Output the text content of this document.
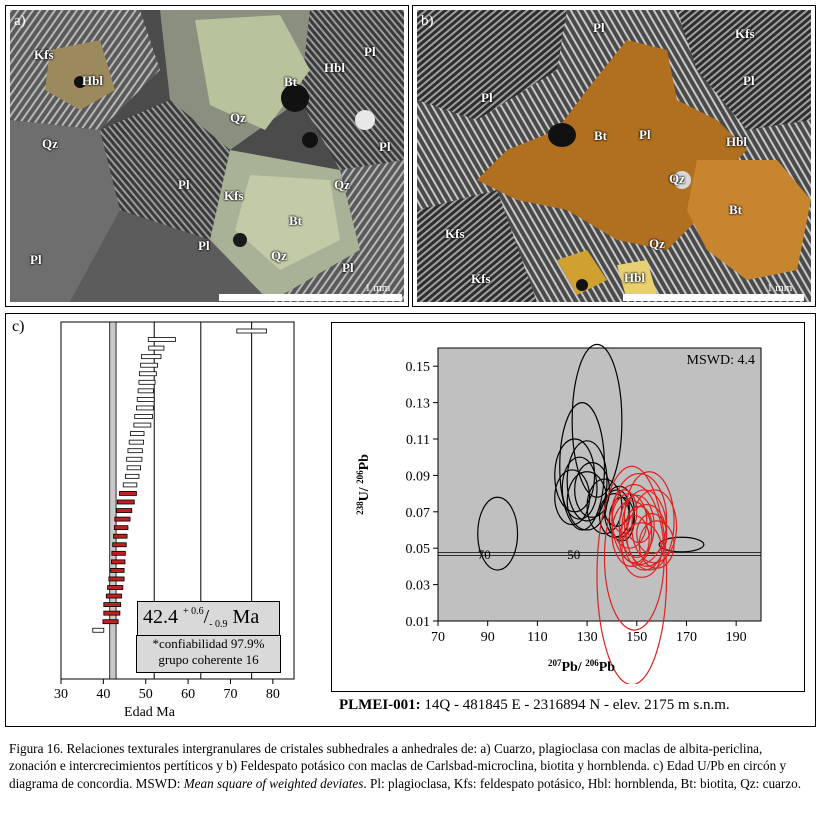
a)
Kfs
Hbl
Qz
Bt
Hbl
Pl
Qz
Pl
Pl
Kfs
Qz
Bt
Pl
Pl	Qz
Pl
1 mm
b)	Pl	Kfs
Pl
Pl
Bt Pl	Hbl
Qz
Bt
Kfs
Kfs
Qz
Hbl
1 mm
c)
30 40 50 60 70 80
Edad Ma
42.4 $^{+ 0.6}/_{- 0.9}$ Ma
*confiabilidad 97.9%
grupo coherente 16
70	50
70	90 110 130 150 170 190
0.01
0.03
0.05
0.07
0.09
0.11
0.13
0.15	MSWD: 4.4
$^{207}$Pb/ $^{206}$Pb
$^{238}$U/ $^{206}$Pb
PLMEI-001: 14Q - 481845 E - 2316894 N - elev. 2175 m s.n.m.
Figura 16. Relaciones texturales intergranulares de cristales subhedrales a anhedrales de: a) Cuarzo, plagioclasa con maclas de albita-periclina, zonación e intercrecimientos pertíticos y b) Feldespato potásico con maclas de Carlsbad-microclina, biotita y hornblenda. c) Edad U/Pb en circón y diagrama de concordia. MSWD: Mean square of weighted deviates. Pl: plagioclasa, Kfs: feldespato potásico, Hbl: hornblenda, Bt: biotita, Qz: cuarzo.
